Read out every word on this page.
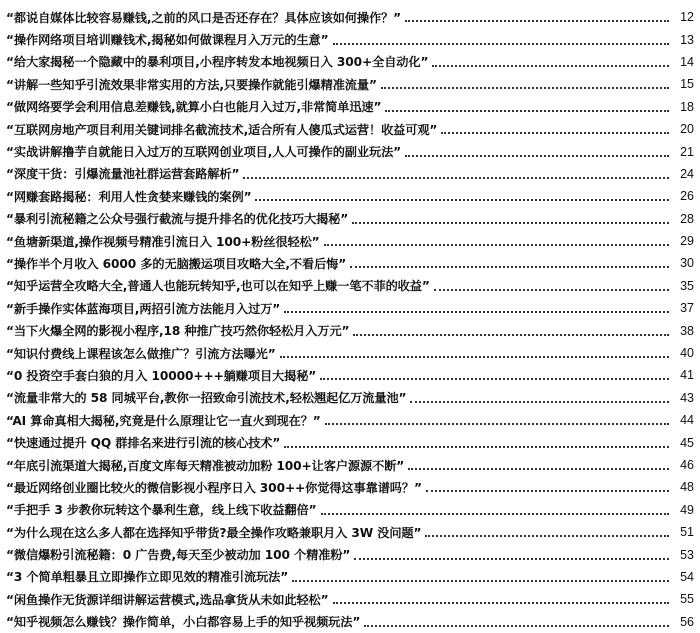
“都说自媒体比较容易赚钱,之前的风口是否还存在？具体应该如何操作？”	12
“操作网络项目培训赚钱术,揭秘如何做课程月入万元的生意”	13
“给大家揭秘一个隐藏中的暴利项目,小程序转发本地视频日入 300+全自动化”	14
“讲解一些知乎引流效果非常实用的方法,只要操作就能引爆精准流量”	15
“做网络要学会利用信息差赚钱,就算小白也能月入过万,非常简单迅速”	18
“互联网房地产项目利用关键词排名截流技术,适合所有人傻瓜式运营！收益可观”	20
“实战讲解撸芋自就能日入过万的互联网创业项目,人人可操作的副业玩法”	21
“深度干货：引爆流量池社群运营套路解析”	24
“网赚套路揭秘：利用人性贪婪来赚钱的案例”	26
“暴利引流秘籍之公众号强行截流与提升排名的优化技巧大揭秘”	28
“鱼塘新渠道,操作视频号精准引流日入 100+粉丝很轻松”	29
“操作半个月收入 6000 多的无脑搬运项目攻略大全,不看后悔”	30
“知乎运营全攻略大全,普通人也能玩转知乎,也可以在知乎上赚一笔不菲的收益”	35
“新手操作实体蓝海项目,两招引流方法能月入过万”	37
“当下火爆全网的影视小程序,18 种推广技巧然你轻松月入万元”	38
“知识付费线上课程该怎么做推广？引流方法曝光”	40
“0 投资空手套白狼的月入 10000+++躺赚项目大揭秘”	41
“流量非常大的 58 同城平台,教你一招致命引流技术,轻松翘起亿万流量池”	43
“AI 算命真相大揭秘,究竟是什么原理让它一直火到现在？”	44
“快速通过提升 QQ 群排名来进行引流的核心技术”	45
“年底引流渠道大揭秘,百度文库每天精准被动加粉 100+让客户源源不断”	46
“最近网络创业圈比较火的微信影视小程序日入 300++你觉得这事靠谱吗？”	48
“手把手 3 步教你玩转这个暴利生意，线上线下收益翻倍”	49
“为什么现在这么多人都在选择知乎带货?最全操作攻略兼职月入 3W 没问题”	51
“微信爆粉引流秘籍：0 广告费,每天至少被动加 100 个精准粉”	53
“3 个简单粗暴且立即操作立即见效的精准引流玩法”	54
“闲鱼操作无货源详细讲解运营模式,选品拿货从未如此轻松”	55
“知乎视频怎么赚钱？操作简单，小白都容易上手的知乎视频玩法”	56
